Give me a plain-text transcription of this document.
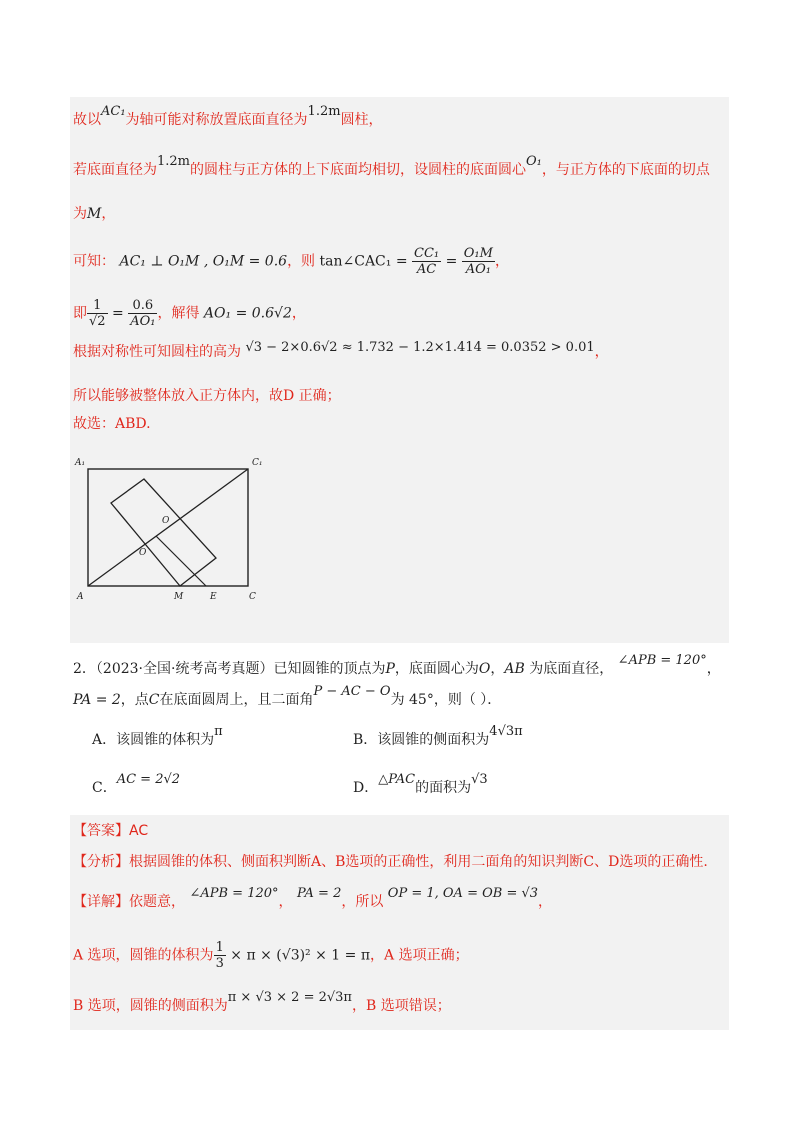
故以AC₁为轴可能对称放置底面直径为1.2m圆柱，
若底面直径为1.2m的圆柱与正方体的上下底面均相切，设圆柱的底面圆心O₁，与正方体的下底面的切点
为M，
可知： AC₁ ⊥ O₁M , O₁M = 0.6，则 tan∠CAC₁ = $\frac{\text{CC₁}}{AC} = \frac{\text{O₁M}}{\text{AO₁}}$ ，
即 $\frac{1}{√2} = \frac{0.6}{\text{AO₁}}$ ，解得 AO₁ = 0.6√2，
根据对称性可知圆柱的高为 √3 − 2×0.6√2 ≈ 1.732 − 1.2×1.414 = 0.0352 > 0.01，
所以能够被整体放入正方体内，故D 正确；
故选：ABD.
A₁	C₁
A	C
M	E
O
O
2．（2023·全国·统考高考真题）已知圆锥的顶点为P，底面圆心为O，AB 为底面直径， ∠APB = 120°，
PA = 2，点C在底面圆周上，且二面角P − AC − O为 45°，则（ ）．
A．该圆锥的体积为π
B．该圆锥的侧面积为4√3π
C．AC = 2√2
D．△PAC的面积为√3
【答案】AC
【分析】根据圆锥的体积、侧面积判断A、B选项的正确性，利用二面角的知识判断C、D选项的正确性.
【详解】依题意， ∠APB = 120°， PA = 2，所以 OP = 1, OA = OB = √3，
A 选项，圆锥的体积为 $\frac{1}{3} \times \pi \times (√3)^2 \times 1 = \pi$，A 选项正确；
B 选项，圆锥的侧面积为π × √3 × 2 = 2√3π，B 选项错误；
